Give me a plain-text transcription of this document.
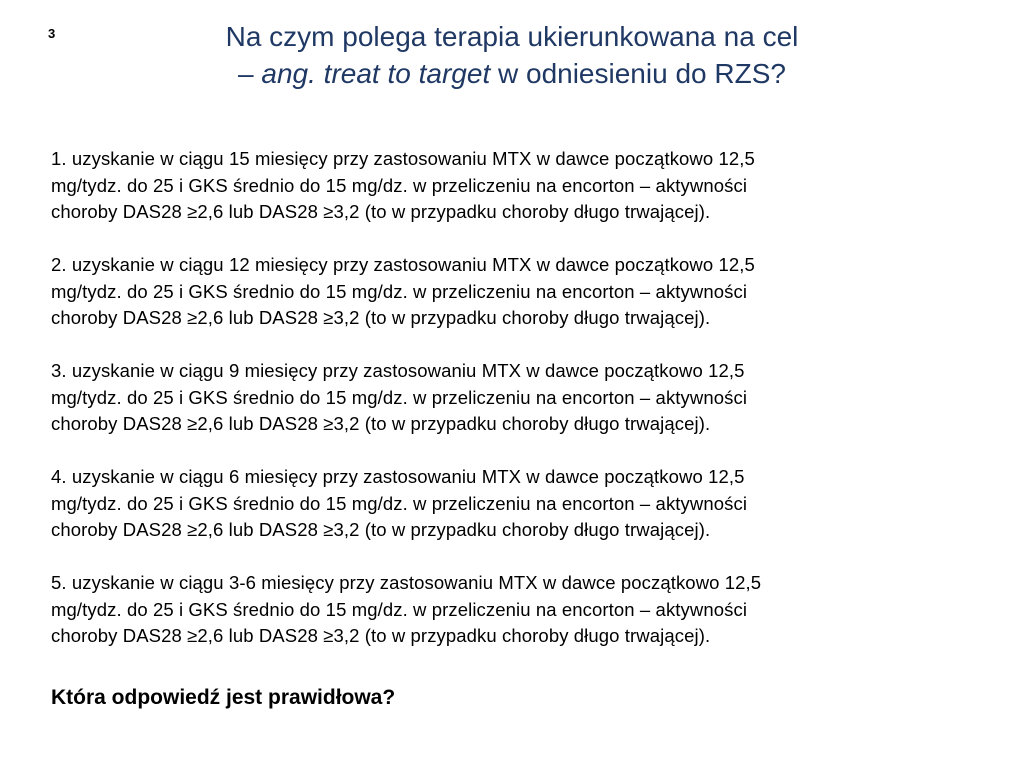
3	Na czym polega terapia ukierunkowana na cel
– ang. treat to target w odniesieniu do RZS?
1. uzyskanie w ciągu 15 miesięcy przy zastosowaniu MTX w dawce początkowo 12,5
mg/tydz. do 25 i GKS średnio do 15 mg/dz. w przeliczeniu na encorton – aktywności
choroby DAS28 ≥2,6 lub DAS28 ≥3,2 (to w przypadku choroby długo trwającej).
2. uzyskanie w ciągu 12 miesięcy przy zastosowaniu MTX w dawce początkowo 12,5
mg/tydz. do 25 i GKS średnio do 15 mg/dz. w przeliczeniu na encorton – aktywności
choroby DAS28 ≥2,6 lub DAS28 ≥3,2 (to w przypadku choroby długo trwającej).
3. uzyskanie w ciągu 9 miesięcy przy zastosowaniu MTX w dawce początkowo 12,5
mg/tydz. do 25 i GKS średnio do 15 mg/dz. w przeliczeniu na encorton – aktywności
choroby DAS28 ≥2,6 lub DAS28 ≥3,2 (to w przypadku choroby długo trwającej).
4. uzyskanie w ciągu 6 miesięcy przy zastosowaniu MTX w dawce początkowo 12,5
mg/tydz. do 25 i GKS średnio do 15 mg/dz. w przeliczeniu na encorton – aktywności
choroby DAS28 ≥2,6 lub DAS28 ≥3,2 (to w przypadku choroby długo trwającej).
5. uzyskanie w ciągu 3-6 miesięcy przy zastosowaniu MTX w dawce początkowo 12,5
mg/tydz. do 25 i GKS średnio do 15 mg/dz. w przeliczeniu na encorton – aktywności
choroby DAS28 ≥2,6 lub DAS28 ≥3,2 (to w przypadku choroby długo trwającej).
Która odpowiedź jest prawidłowa?
